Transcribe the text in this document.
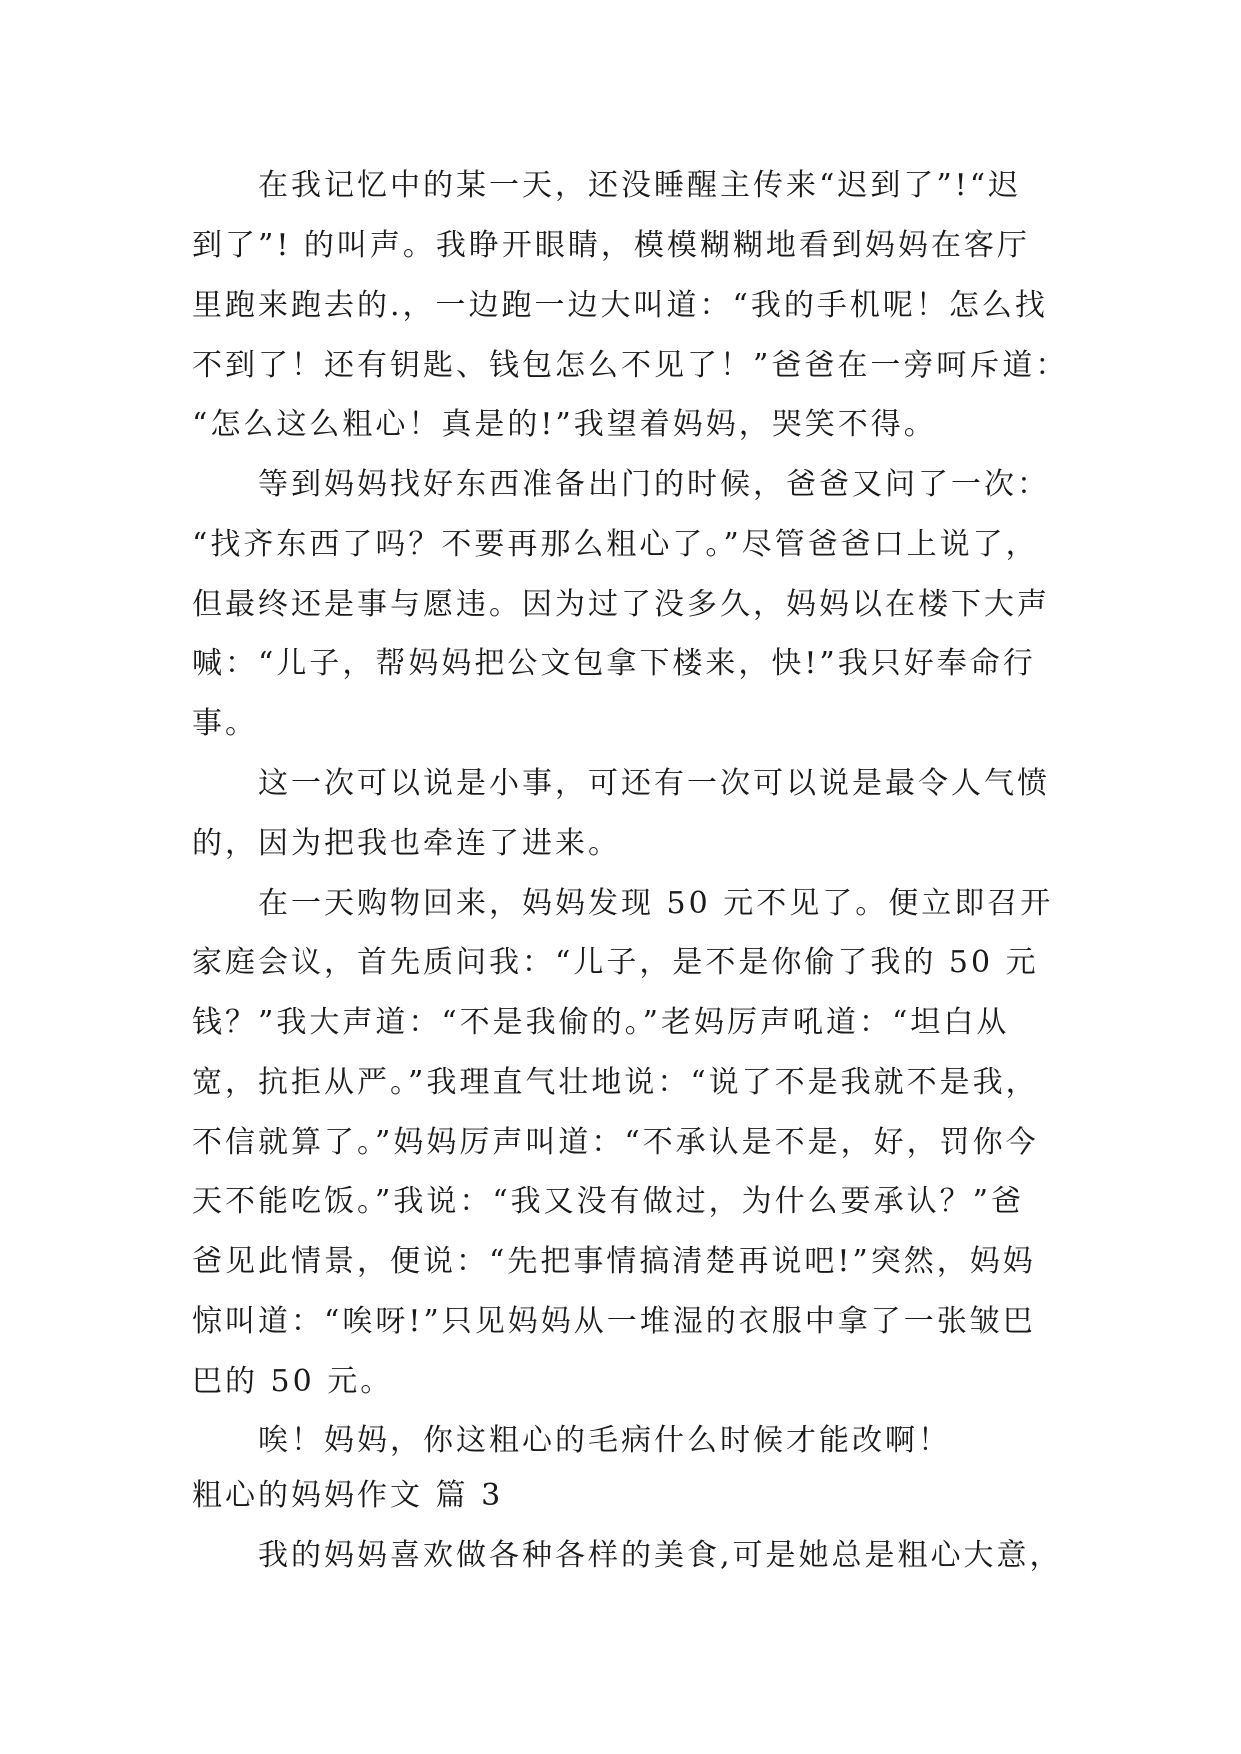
在我记忆中的某一天，还没睡醒主传来“迟到了”!“迟
到了”! 的叫声。我睁开眼睛，模模糊糊地看到妈妈在客厅
里跑来跑去的.，一边跑一边大叫道：“我的手机呢！怎么找
不到了！还有钥匙、钱包怎么不见了！”爸爸在一旁呵斥道：
“怎么这么粗心！真是的!”我望着妈妈，哭笑不得。
等到妈妈找好东西准备出门的时候，爸爸又问了一次：
“找齐东西了吗？不要再那么粗心了。”尽管爸爸口上说了，
但最终还是事与愿违。因为过了没多久，妈妈以在楼下大声
喊：“儿子，帮妈妈把公文包拿下楼来，快!”我只好奉命行
事。
这一次可以说是小事，可还有一次可以说是最令人气愤
的，因为把我也牵连了进来。
在一天购物回来，妈妈发现 50 元不见了。便立即召开
家庭会议，首先质问我：“儿子，是不是你偷了我的 50 元
钱？”我大声道：“不是我偷的。”老妈厉声吼道：“坦白从
宽，抗拒从严。”我理直气壮地说：“说了不是我就不是我，
不信就算了。”妈妈厉声叫道：“不承认是不是，好，罚你今
天不能吃饭。”我说：“我又没有做过，为什么要承认？”爸
爸见此情景，便说：“先把事情搞清楚再说吧!”突然，妈妈
惊叫道：“唉呀!”只见妈妈从一堆湿的衣服中拿了一张皱巴
巴的 50 元。
唉！妈妈，你这粗心的毛病什么时候才能改啊！
粗心的妈妈作文 篇 3
我的妈妈喜欢做各种各样的美食,可是她总是粗心大意，
